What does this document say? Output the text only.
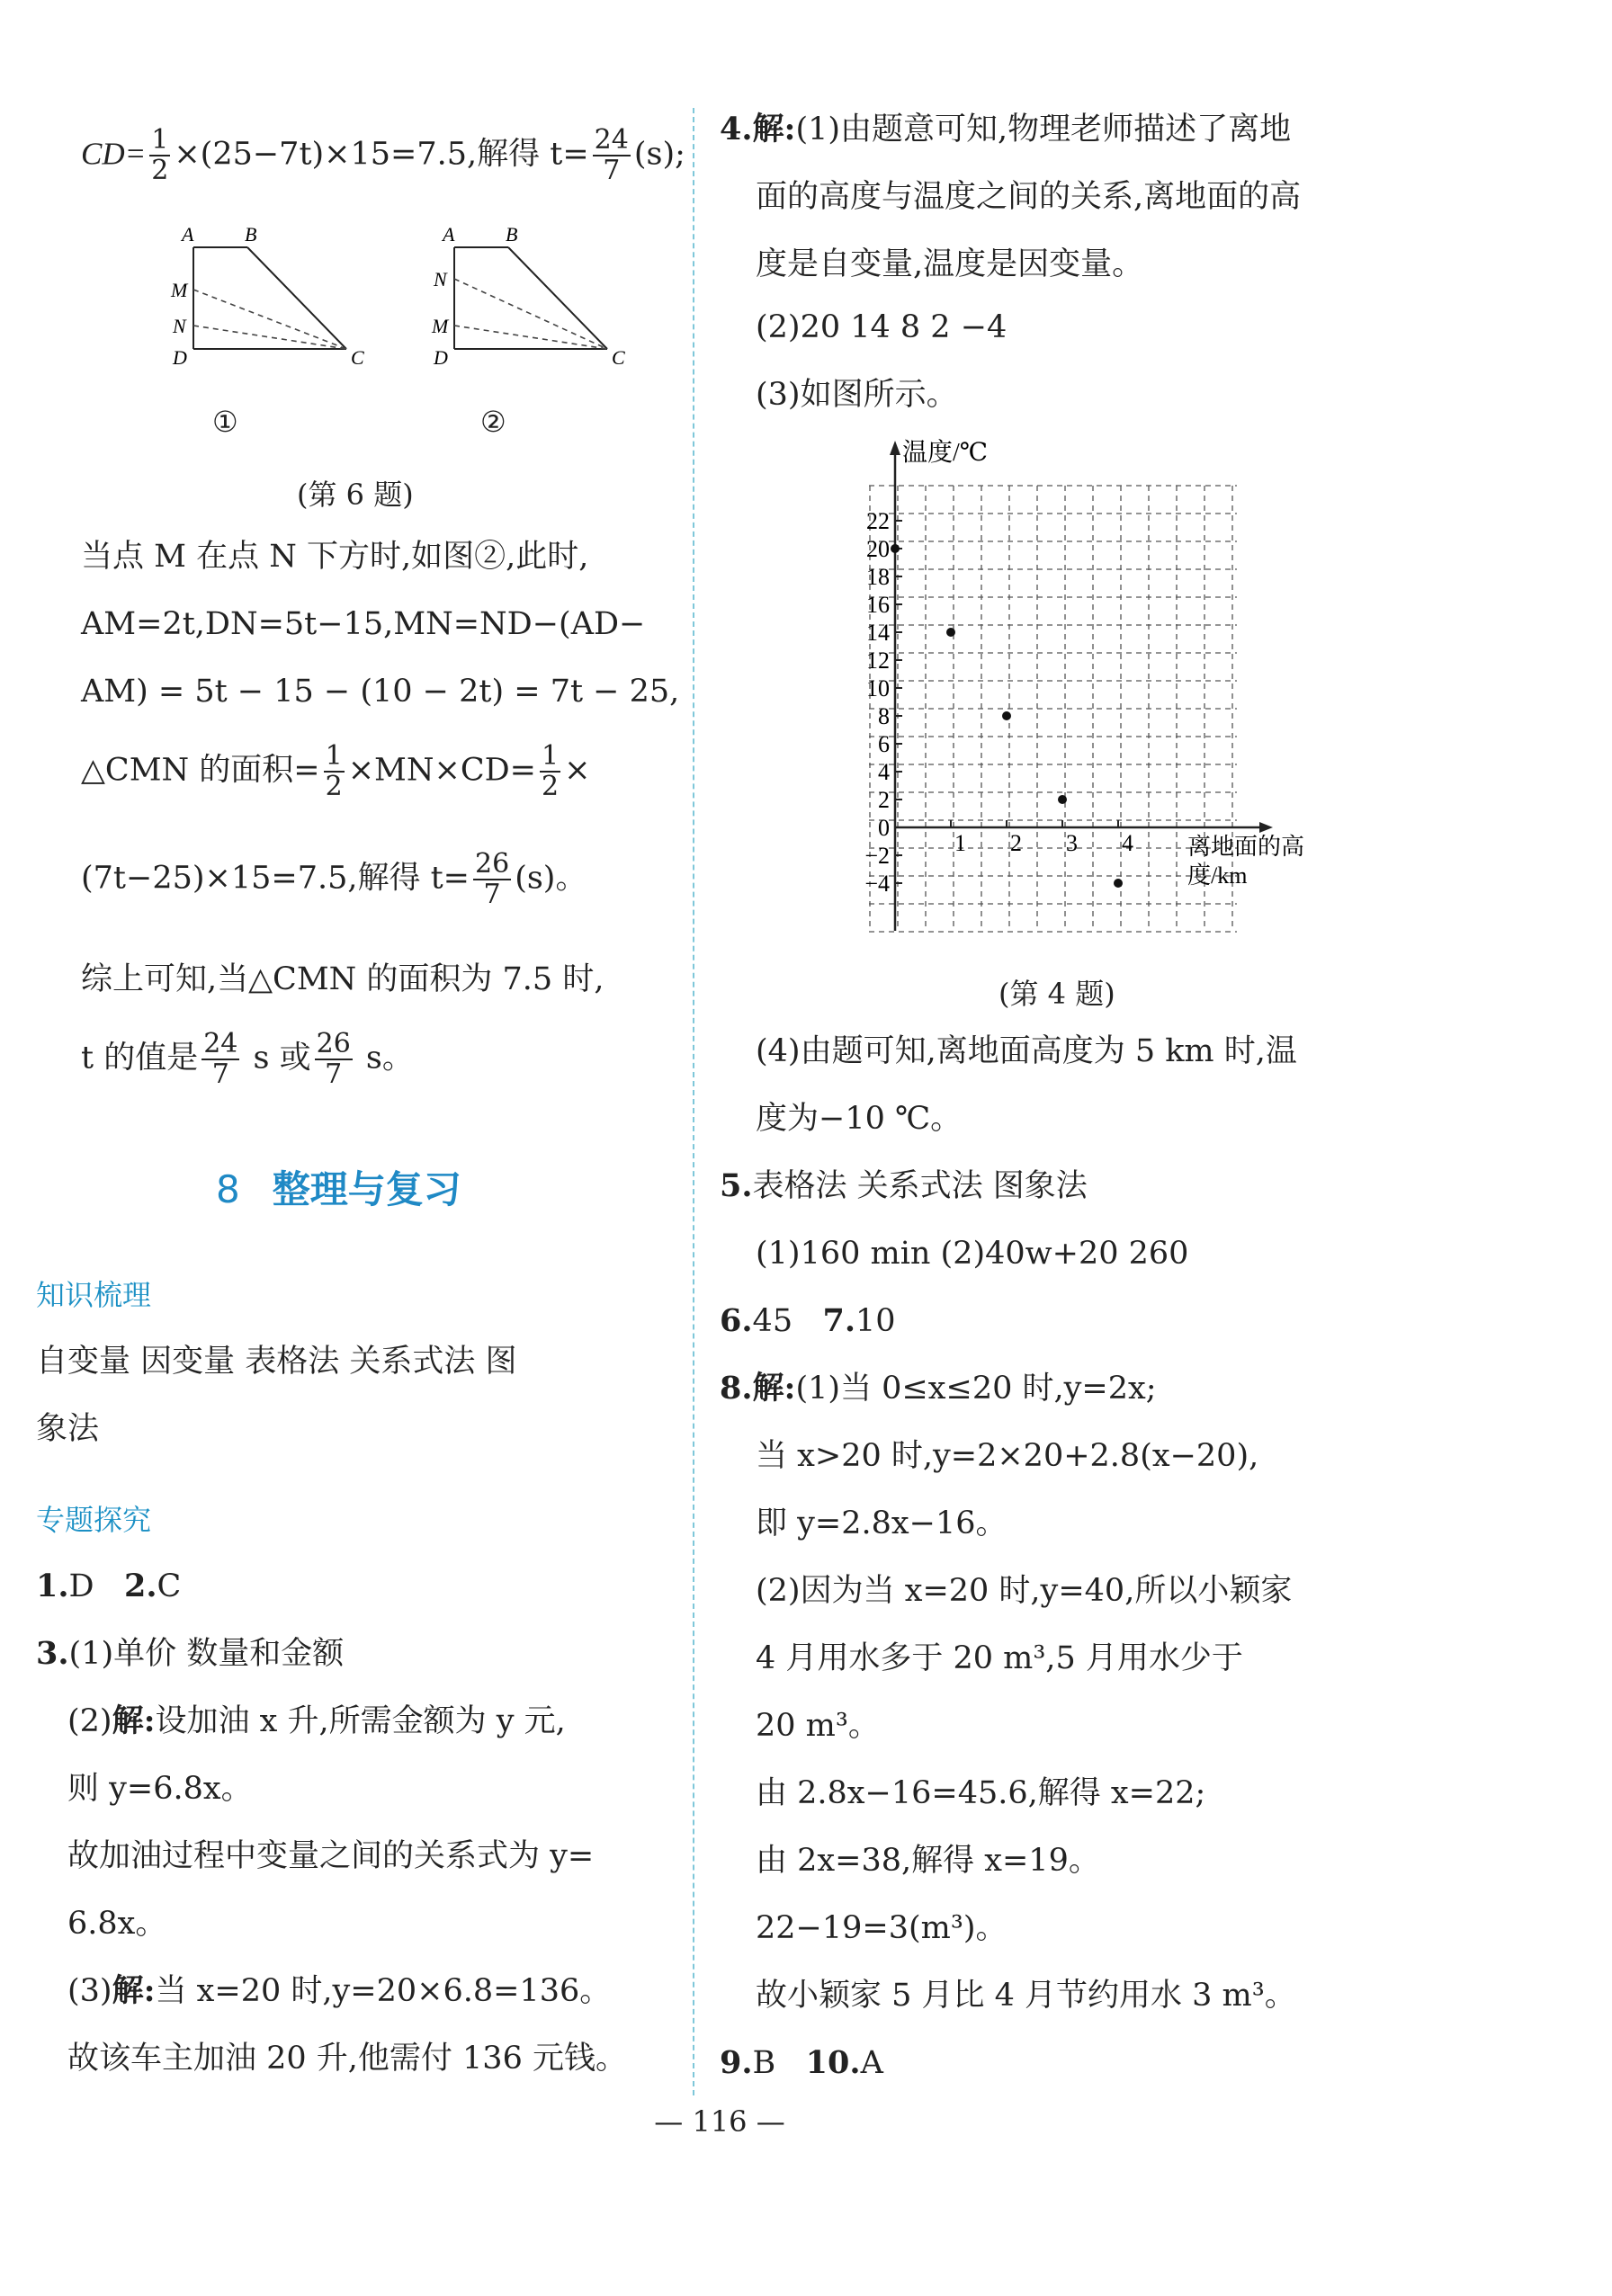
$CD= \frac{1}{2} \times(25-7t)\times 15=7.5$,解得 $t= \frac{24}{7} (s)$;
A	B
M
N
D	C
①
A	B
N
M
D	C
②
(第 6 题)
当点 M 在点 N 下方时,如图②,此时,
AM=2t,DN=5t−15,MN=ND−(AD−
AM) = 5t − 15 − (10 − 2t) = 7t − 25,
△CMN 的面积= $\frac{1}{2} \times MN\times CD= \frac{1}{2}$ ×
(7t−25)×15=7.5,解得 $t= \frac{26}{7} (s)$。
综上可知,当△CMN 的面积为 7.5 时,
t 的值是 $\frac{24}{7}$ s 或 $\frac{26}{7}$ s。
8 整理与复习
知识梳理
自变量 因变量 表格法 关系式法 图
象法
专题探究
1.D 2.C
3.(1)单价 数量和金额
(2)解:设加油 x 升,所需金额为 y 元,
则 y=6.8x。
故加油过程中变量之间的关系式为 y=
6.8x。
(3)解:当 x=20 时,y=20×6.8=136。
故该车主加油 20 升,他需付 136 元钱。
4.解:(1)由题意可知,物理老师描述了离地
面的高度与温度之间的关系,离地面的高
度是自变量,温度是因变量。
(2)20 14 8 2 −4
(3)如图所示。
22
20
18
16
14
12
10
8
6
4
2
0
−2
−4
1 2 3 4
温度/℃
离地面的高
度/km
(第 4 题)
(4)由题可知,离地面高度为 5 km 时,温
度为−10 ℃。
5.表格法 关系式法 图象法
(1)160 min (2)40w+20 260
6.45 7.10
8.解:(1)当 0≤x≤20 时,y=2x;
当 x>20 时,y=2×20+2.8(x−20),
即 y=2.8x−16。
(2)因为当 x=20 时,y=40,所以小颖家
4 月用水多于 20 m³,5 月用水少于
20 m³。
由 2.8x−16=45.6,解得 x=22;
由 2x=38,解得 x=19。
22−19=3(m³)。
故小颖家 5 月比 4 月节约用水 3 m³。
9.B 10.A
— 116 —
